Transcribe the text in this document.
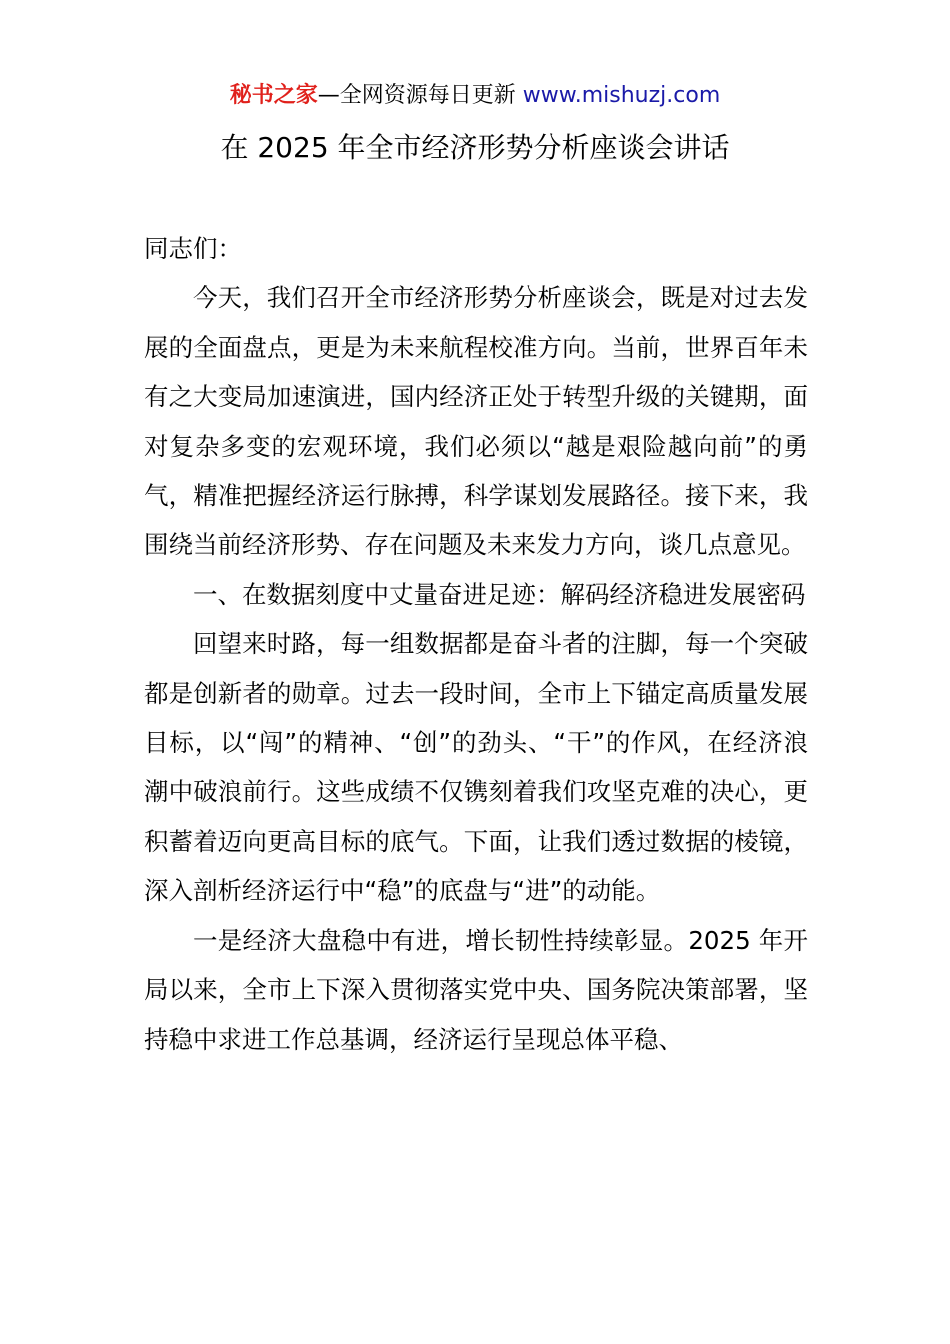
秘书之家—全网资源每日更新 www.mishuzj.com
在 2025 年全市经济形势分析座谈会讲话

同志们：

今天，我们召开全市经济形势分析座谈会，既是对过去发展的全面盘点，更是为未来航程校准方向。当前，世界百年未有之大变局加速演进，国内经济正处于转型升级的关键期，面对复杂多变的宏观环境，我们必须以“越是艰险越向前”的勇气，精准把握经济运行脉搏，科学谋划发展路径。接下来，我围绕当前经济形势、存在问题及未来发力方向，谈几点意见。

一、在数据刻度中丈量奋进足迹：解码经济稳进发展密码

回望来时路，每一组数据都是奋斗者的注脚，每一个突破都是创新者的勋章。过去一段时间，全市上下锚定高质量发展目标，以“闯”的精神、“创”的劲头、“干”的作风，在经济浪潮中破浪前行。这些成绩不仅镌刻着我们攻坚克难的决心，更积蓄着迈向更高目标的底气。下面，让我们透过数据的棱镜，深入剖析经济运行中“稳”的底盘与“进”的动能。

一是经济大盘稳中有进，增长韧性持续彰显。2025 年开局以来，全市上下深入贯彻落实党中央、国务院决策部署，坚持稳中求进工作总基调，经济运行呈现总体平稳、
